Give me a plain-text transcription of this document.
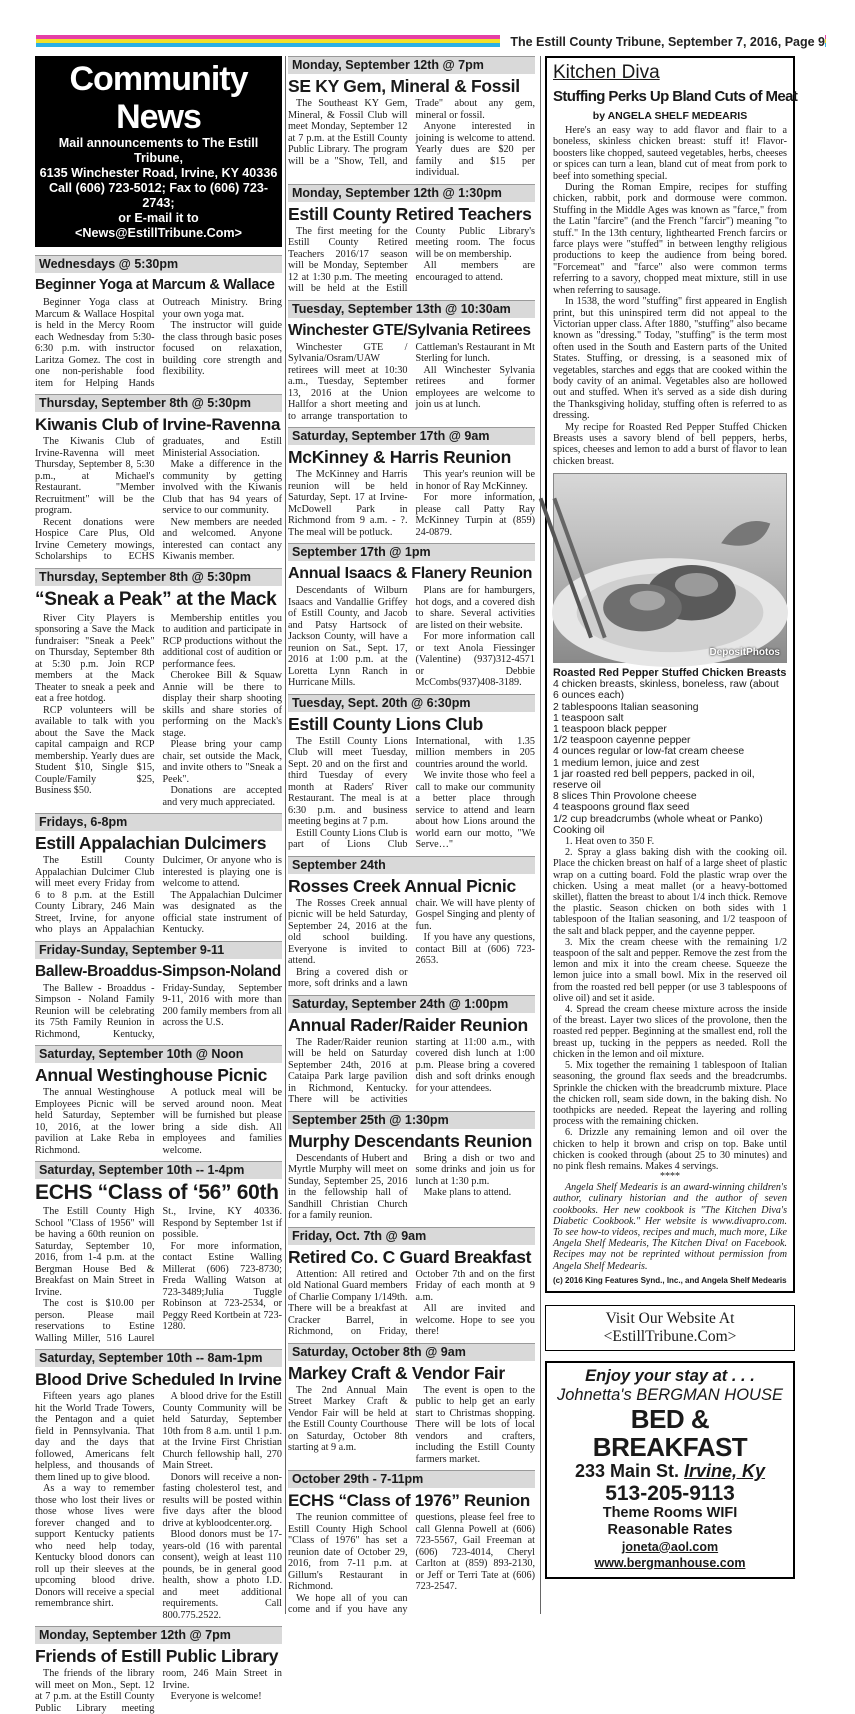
The Estill County Tribune, September 7, 2016, Page 9
Community News
Mail announcements to The Estill Tribune,
6135 Winchester Road, Irvine, KY 40336
Call (606) 723-5012; Fax to (606) 723-2743;
or E-mail it to <News@EstillTribune.Com>
Wednesdays @ 5:30pm
Beginner Yoga at Marcum & Wallace

Beginner Yoga class at Marcum & Wallace Hospital is held in the Mercy Room each Wednesday from 5:30-6:30 p.m. with instructor Laritza Gomez. The cost in one non-perishable food item for Helping Hands Outreach Ministry. Bring your own yoga mat.

The instructor will guide the class through basic poses focused on relaxation, building core strength and flexibility.

Thursday, September 8th @ 5:30pm
Kiwanis Club of Irvine-Ravenna

The Kiwanis Club of Irvine-Ravenna will meet Thursday, September 8, 5:30 p.m., at Michael's Restaurant. "Member Recruitment" will be the program.

Recent donations were Hospice Care Plus, Old Irvine Cemetery mowings, Scholarships to ECHS graduates, and Estill Ministerial Association.

Make a difference in the community by getting involved with the Kiwanis Club that has 94 years of service to our community.

New members are needed and welcomed. Anyone interested can contact any Kiwanis member.

Thursday, September 8th @ 5:30pm
“Sneak a Peak” at the Mack

River City Players is sponsoring a Save the Mack fundraiser: "Sneak a Peek" on Thursday, September 8th at 5:30 p.m. Join RCP members at the Mack Theater to sneak a peek and eat a free hotdog.

RCP volunteers will be available to talk with you about the Save the Mack capital campaign and RCP membership. Yearly dues are Student $10, Single $15, Couple/Family $25, Business $50.

Membership entitles you to audition and participate in RCP productions without the additional cost of audition or performance fees.

Cherokee Bill & Squaw Annie will be there to display their sharp shooting skills and share stories of performing on the Mack's stage.

Please bring your camp chair, set outside the Mack, and invite others to "Sneak a Peek".

Donations are accepted and very much appreciated.

Fridays, 6-8pm
Estill Appalachian Dulcimers

The Estill County Appalachian Dulcimer Club will meet every Friday from 6 to 8 p.m. at the Estill County Library, 246 Main Street, Irvine, for anyone who plays an Appalachian Dulcimer, Or anyone who is interested is playing one is welcome to attend.

The Appalachian Dulcimer was designated as the official state instrument of Kentucky.

Friday-Sunday, September 9-11
Ballew-Broaddus-Simpson-Noland

The Ballew - Broaddus - Simpson - Noland Family Reunion will be celebrating its 75th Family Reunion in Richmond, Kentucky, Friday-Sunday, September 9-11, 2016 with more than 200 family members from all across the U.S.

Saturday, September 10th @ Noon
Annual Westinghouse Picnic

The annual Westinghouse Employees Picnic will be held Saturday, September 10, 2016, at the lower pavilion at Lake Reba in Richmond.

A potluck meal will be served around noon. Meat will be furnished but please bring a side dish. All employees and families welcome.

Saturday, September 10th -- 1-4pm
ECHS “Class of ‘56” 60th

The Estill County High School "Class of 1956" will be having a 60th reunion on Saturday, September 10, 2016, from 1-4 p.m. at the Bergman House Bed & Breakfast on Main Street in Irvine.

The cost is $10.00 per person. Please mail reservations to Estine Walling Miller, 516 Laurel St., Irvine, KY 40336. Respond by September 1st if possible.

For more information, contact Estine Walling Millerat (606) 723-8730; Freda Walling Watson at 723-3489;Julia Tuggle Robinson at 723-2534, or Peggy Reed Kortbein at 723-1280.

Saturday, September 10th -- 8am-1pm
Blood Drive Scheduled In Irvine

Fifteen years ago planes hit the World Trade Towers, the Pentagon and a quiet field in Pennsylvania. That day and the days that followed, Americans felt helpless, and thousands of them lined up to give blood.

As a way to remember those who lost their lives or those whose lives were forever changed and to support Kentucky patients who need help today, Kentucky blood donors can roll up their sleeves at the upcoming blood drive. Donors will receive a special remembrance shirt.

A blood drive for the Estill County Community will be held Saturday, September 10th from 8 a.m. until 1 p.m. at the Irvine First Christian Church fellowship hall, 270 Main Street.

Donors will receive a non-fasting cholesterol test, and results will be posted within five days after the blood drive at kybloodcenter.org.

Blood donors must be 17-years-old (16 with parental consent), weigh at least 110 pounds, be in general good health, show a photo I.D. and meet additional requirements. Call 800.775.2522.

Monday, September 12th @ 7pm
Friends of Estill Public Library

The friends of the library will meet on Mon., Sept. 12 at 7 p.m. at the Estill County Public Library meeting room, 246 Main Street in Irvine.

Everyone is welcome!

Monday, September 12th @ 7pm
SE KY Gem, Mineral & Fossil

The Southeast KY Gem, Mineral, & Fossil Club will meet Monday, September 12 at 7 p.m. at the Estill County Public Library. The program will be a "Show, Tell, and Trade" about any gem, mineral or fossil.

Anyone interested in joining is welcome to attend. Yearly dues are $20 per family and $15 per individual.

Monday, September 12th @ 1:30pm
Estill County Retired Teachers

The first meeting for the Estill County Retired Teachers 2016/17 season will be Monday, September 12 at 1:30 p.m. The meeting will be held at the Estill County Public Library's meeting room. The focus will be on membership.

All members are encouraged to attend.

Tuesday, September 13th @ 10:30am
Winchester GTE/Sylvania Retirees

Winchester GTE / Sylvania/Osram/UAW retirees will meet at 10:30 a.m., Tuesday, September 13, 2016 at the Union Hallfor a short meeting and to arrange transportation to Cattleman's Restaurant in Mt Sterling for lunch.

All Winchester Sylvania retirees and former employees are welcome to join us at lunch.

Saturday, September 17th @ 9am
McKinney & Harris Reunion

The McKinney and Harris reunion will be held Saturday, Sept. 17 at Irvine-McDowell Park in Richmond from 9 a.m. - ?. The meal will be potluck.

This year's reunion will be in honor of Ray McKinney.

For more information, please call Patty Ray McKinney Turpin at (859) 24-0879.

September 17th @ 1pm
Annual Isaacs & Flanery Reunion

Descendants of Wilburn Isaacs and Vandallie Griffey of Estill County, and Jacob and Patsy Hartsock of Jackson County, will have a reunion on Sat., Sept. 17, 2016 at 1:00 p.m. at the Loretta Lynn Ranch in Hurricane Mills.

Plans are for hamburgers, hot dogs, and a covered dish to share. Several activities are listed on their website.

For more information call or text Anola Fiessinger (Valentine) (937)312-4571 or Debbie McCombs(937)408-3189.

Tuesday, Sept. 20th @ 6:30pm
Estill County Lions Club

The Estill County Lions Club will meet Tuesday, Sept. 20 and on the first and third Tuesday of every month at Raders' River Restaurant. The meal is at 6:30 p.m. and business meeting begins at 7 p.m.

Estill County Lions Club is part of Lions Club International, with 1.35 million members in 205 countries around the world.

We invite those who feel a call to make our community a better place through service to attend and learn about how Lions around the world earn our motto, "We Serve…"

September 24th
Rosses Creek Annual Picnic

The Rosses Creek annual picnic will be held Saturday, September 24, 2016 at the old school building. Everyone is invited to attend.

Bring a covered dish or more, soft drinks and a lawn chair. We will have plenty of Gospel Singing and plenty of fun.

If you have any questions, contact Bill at (606) 723-2653.

Saturday, September 24th @ 1:00pm
Annual Rader/Raider Reunion

The Rader/Raider reunion will be held on Saturday September 24th, 2016 at Cataipa Park large pavilion in Richmond, Kentucky. There will be activities starting at 11:00 a.m., with covered dish lunch at 1:00 p.m. Please bring a covered dish and soft drinks enough for your attendees.

September 25th @ 1:30pm
Murphy Descendants Reunion

Descendants of Hubert and Myrtle Murphy will meet on Sunday, September 25, 2016 in the fellowship hall of Sandhill Christian Church for a family reunion.

Bring a dish or two and some drinks and join us for lunch at 1:30 p.m.

Make plans to attend.

Friday, Oct. 7th @ 9am
Retired Co. C Guard Breakfast

Attention: All retired and old National Guard members of Charlie Company 1/149th. There will be a breakfast at Cracker Barrel, in Richmond, on Friday, October 7th and on the first Friday of each month at 9 a.m.

All are invited and welcome. Hope to see you there!

Saturday, October 8th @ 9am
Markey Craft & Vendor Fair

The 2nd Annual Main Street Markey Craft & Vendor Fair will be held at the Estill County Courthouse on Saturday, October 8th starting at 9 a.m.

The event is open to the public to help get an early start to Christmas shopping. There will be lots of local vendors and crafters, including the Estill County farmers market.

October 29th - 7-11pm
ECHS “Class of 1976” Reunion

The reunion committee of Estill County High School "Class of 1976" has set a reunion date of October 29, 2016, from 7-11 p.m. at Gillum's Restaurant in Richmond.

We hope all of you can come and if you have any questions, please feel free to call Glenna Powell at (606) 723-5567, Gail Freeman at (606) 723-4014, Cheryl Carlton at (859) 893-2130, or Jeff or Terri Tate at (606) 723-2547.

Kitchen Diva
Stuffing Perks Up Bland Cuts of Meat
by ANGELA SHELF MEDEARIS

Here's an easy way to add flavor and flair to a boneless, skinless chicken breast: stuff it! Flavor-boosters like chopped, sauteed vegetables, herbs, cheeses or spices can turn a lean, bland cut of meat from pork to beef into something special.

During the Roman Empire, recipes for stuffing chicken, rabbit, pork and dormouse were common. Stuffing in the Middle Ages was known as "farce," from the Latin "farcire" (and the French "farcir") meaning "to stuff." In the 13th century, lighthearted French farcirs or farce plays were "stuffed" in between lengthy religious productions to keep the audience from being bored. "Forcemeat" and "farce" also were common terms referring to a savory, chopped meat mixture, still in use when referring to sausage.

In 1538, the word "stuffing" first appeared in English print, but this uninspired term did not appeal to the Victorian upper class. After 1880, "stuffing" also became known as "dressing." Today, "stuffing" is the term most often used in the South and Eastern parts of the United States. Stuffing, or dressing, is a seasoned mix of vegetables, starches and eggs that are cooked within the body cavity of an animal. Vegetables also are hollowed out and stuffed. When it's served as a side dish during the Thanksgiving holiday, stuffing often is referred to as dressing.

My recipe for Roasted Red Pepper Stuffed Chicken Breasts uses a savory blend of bell peppers, herbs, spices, cheeses and lemon to add a burst of flavor to lean chicken breast.

DepositPhotos
Roasted Red Pepper Stuffed Chicken Breasts

4 chicken breasts, skinless, boneless, raw (about 6 ounces each)

2 tablespoons Italian seasoning

1 teaspoon salt

1 teaspoon black pepper

1/2 teaspoon cayenne pepper

4 ounces regular or low-fat cream cheese

1 medium lemon, juice and zest

1 jar roasted red bell peppers, packed in oil, reserve oil

8 slices Thin Provolone cheese

4 teaspoons ground flax seed

1/2 cup breadcrumbs (whole wheat or Panko)

Cooking oil

1. Heat oven to 350 F.

2. Spray a glass baking dish with the cooking oil. Place the chicken breast on half of a large sheet of plastic wrap on a cutting board. Fold the plastic wrap over the chicken. Using a meat mallet (or a heavy-bottomed skillet), flatten the breast to about 1/4 inch thick. Remove the plastic. Season chicken on both sides with 1 tablespoon of the Italian seasoning, and 1/2 teaspoon of the salt and black pepper, and the cayenne pepper.

3. Mix the cream cheese with the remaining 1/2 teaspoon of the salt and pepper. Remove the zest from the lemon and mix it into the cream cheese. Squeeze the lemon juice into a small bowl. Mix in the reserved oil from the roasted red bell pepper (or use 3 tablespoons of olive oil) and set it aside.

4. Spread the cream cheese mixture across the inside of the breast. Layer two slices of the provolone, then the roasted red pepper. Beginning at the smallest end, roll the breast up, tucking in the peppers as needed. Roll the chicken in the lemon and oil mixture.

5. Mix together the remaining 1 tablespoon of Italian seasoning, the ground flax seeds and the breadcrumbs. Sprinkle the chicken with the breadcrumb mixture. Place the chicken roll, seam side down, in the baking dish. No toothpicks are needed. Repeat the layering and rolling process with the remaining chicken.

6. Drizzle any remaining lemon and oil over the chicken to help it brown and crisp on top. Bake until chicken is cooked through (about 25 to 30 minutes) and no pink flesh remains. Makes 4 servings.

****

Angela Shelf Medearis is an award-winning children's author, culinary historian and the author of seven cookbooks. Her new cookbook is "The Kitchen Diva's Diabetic Cookbook." Her website is www.divapro.com. To see how-to videos, recipes and much, much more, Like Angela Shelf Medearis, The Kitchen Diva! on Facebook. Recipes may not be reprinted without permission from Angela Shelf Medearis.

(c) 2016 King Features Synd., Inc., and Angela Shelf Medearis
Visit Our Website At
<EstillTribune.Com>
Enjoy your stay at . . .
Johnetta's BERGMAN HOUSE
BED & BREAKFAST
233 Main St. Irvine, Ky
513-205-9113
Theme Rooms WIFI
Reasonable Rates
joneta@aol.com www.bergmanhouse.com
